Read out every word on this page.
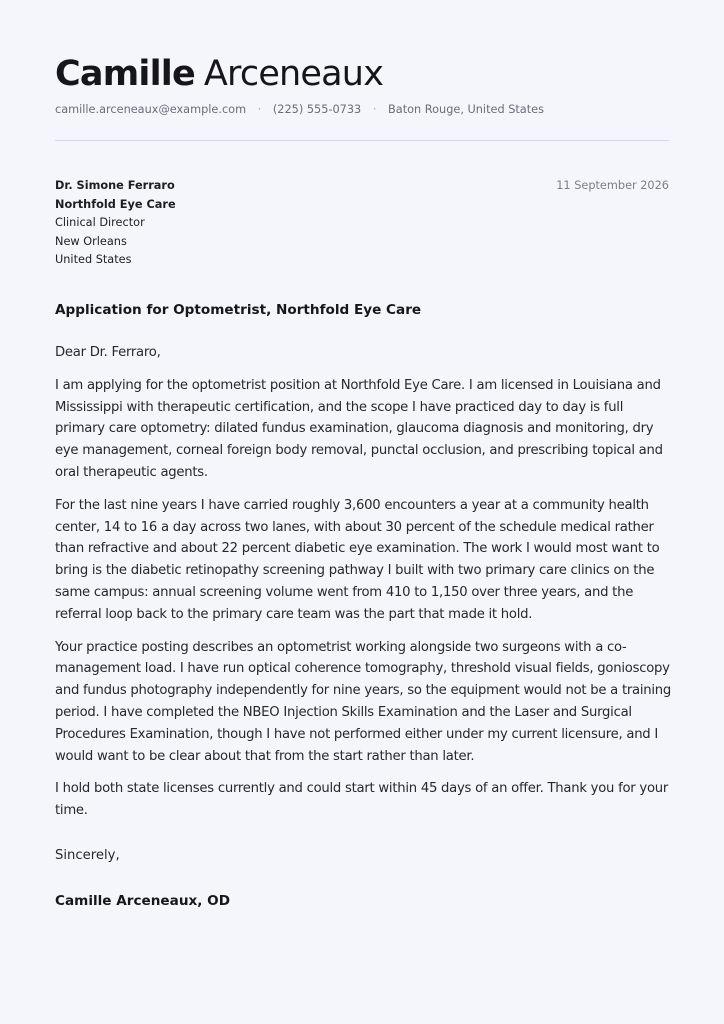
Camille Arceneaux
camille.arceneaux@example.com · (225) 555-0733 · Baton Rouge, United States
Dr. Simone Ferraro
Northfold Eye Care
Clinical Director
New Orleans
United States
11 September 2026
Application for Optometrist, Northfold Eye Care

Dear Dr. Ferraro,

I am applying for the optometrist position at Northfold Eye Care. I am licensed in Louisiana and Mississippi with therapeutic certification, and the scope I have practiced day to day is full primary care optometry: dilated fundus examination, glaucoma diagnosis and monitoring, dry eye management, corneal foreign body removal, punctal occlusion, and prescribing topical and oral therapeutic agents.

For the last nine years I have carried roughly 3,600 encounters a year at a community health center, 14 to 16 a day across two lanes, with about 30 percent of the schedule medical rather than refractive and about 22 percent diabetic eye examination. The work I would most want to bring is the diabetic retinopathy screening pathway I built with two primary care clinics on the same campus: annual screening volume went from 410 to 1,150 over three years, and the referral loop back to the primary care team was the part that made it hold.

Your practice posting describes an optometrist working alongside two surgeons with a co-management load. I have run optical coherence tomography, threshold visual fields, gonioscopy and fundus photography independently for nine years, so the equipment would not be a training period. I have completed the NBEO Injection Skills Examination and the Laser and Surgical Procedures Examination, though I have not performed either under my current licensure, and I would want to be clear about that from the start rather than later.

I hold both state licenses currently and could start within 45 days of an offer. Thank you for your time.

Sincerely,
Camille Arceneaux, OD
